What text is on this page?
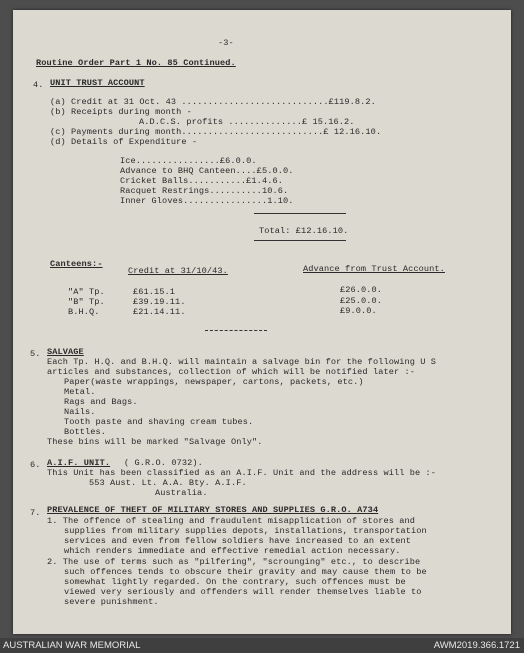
-3-
Routine Order Part 1 No. 85 Continued.
4. UNIT TRUST ACCOUNT
(a) Credit at 31 Oct. 43 ............................£119.8.2.
(b) Receipts during month -
A.D.C.S. profits ..............£ 15.16.2.
(c) Payments during month...........................£ 12.16.10.
(d) Details of Expenditure -
Ice................£6.0.0.
Advance to BHQ Canteen....£5.0.0.
Cricket Balls...........£1.4.6.
Racquet Restrings..........10.6.
Inner Gloves................1.10.
Total: £12.16.10.
Canteens:-
Credit at 31/10/43.	Advance from Trust Account.
"A" Tp.	£61.15.1	£26.0.0.
"B" Tp.	£39.19.11.	£25.0.0.
B.H.Q.	£21.14.11.	£9.0.0.
5. SALVAGE
Each Tp. H.Q. and B.H.Q. will maintain a salvage bin for the following U S
articles and substances, collection of which will be notified later :-
Paper(waste wrappings, newspaper, cartons, packets, etc.)
Metal.
Rags and Bags.
Nails.
Tooth paste and shaving cream tubes.
Bottles.
These bins will be marked "Salvage Only".
6. A.I.F. UNIT. ( G.R.O. 0732).
This Unit has been classified as an A.I.F. Unit and the address will be :-
553 Aust. Lt. A.A. Bty. A.I.F.
Australia.
7. PREVALENCE OF THEFT OF MILITARY STORES AND SUPPLIES G.R.O. A734
1. The offence of stealing and fraudulent misapplication of stores and
supplies from military supplies depots, installations, transportation
services and even from fellow soldiers have increased to an extent
which renders immediate and effective remedial action necessary.
2. The use of terms such as "pilfering", "scrounging" etc., to describe
such offences tends to obscure their gravity and may cause them to be
somewhat lightly regarded. On the contrary, such offences must be
viewed very seriously and offenders will render themselves liable to
severe punishment.
AUSTRALIAN WAR MEMORIAL	AWM2019.366.1721
